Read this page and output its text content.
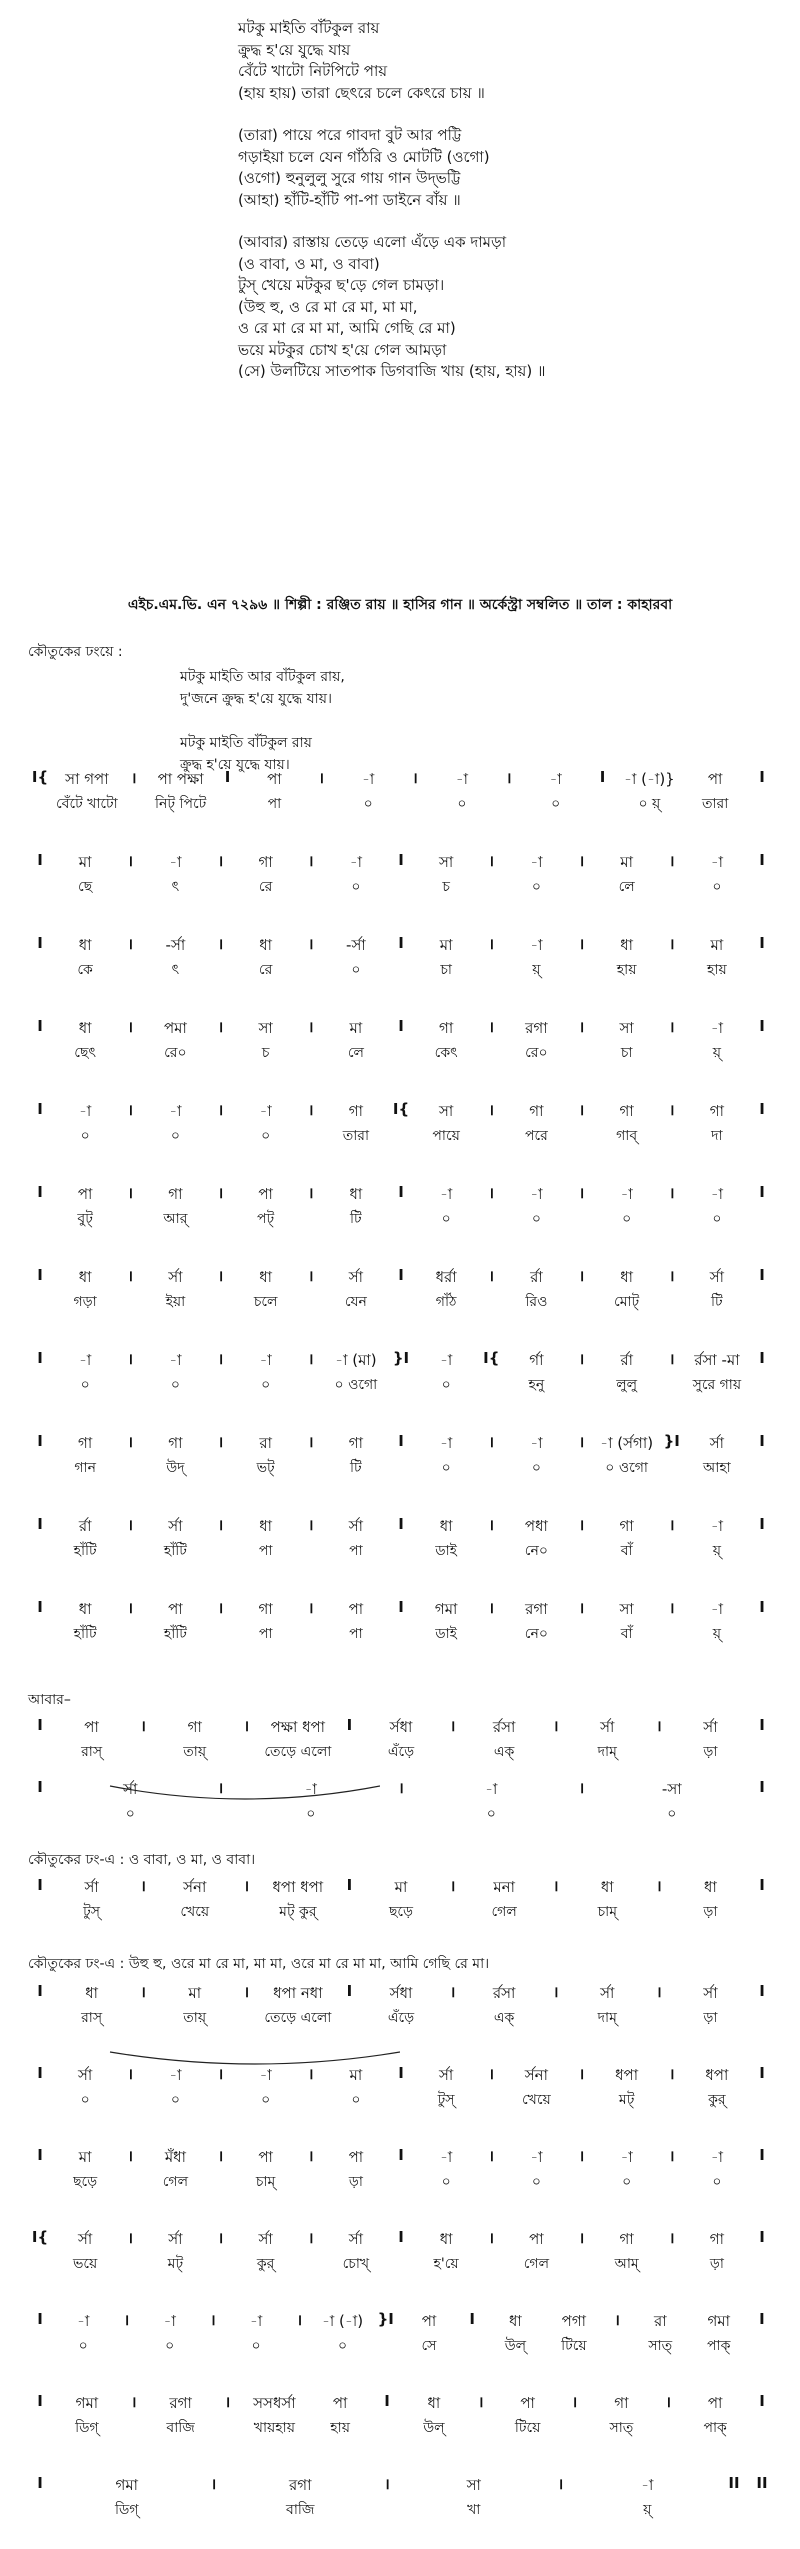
মটকু মাইতি বাঁটকুল রায়
ক্রুদ্ধ হ'য়ে যুদ্ধে যায়
বেঁটে খাটো নিটপিটে পায়
(হায় হায়) তারা ছেৎরে চলে কেৎরে চায় ॥
(তারা) পায়ে পরে গাবদা বুট আর পট্টি
গড়াইয়া চলে যেন গাঁঠরি ও মোটটি (ওগো)
(ওগো) হুনুলুলু সুরে গায় গান উদ্‌ভট্টি
(আহা) হাঁটি-হাঁটি পা-পা ডাইনে বাঁয় ॥
(আবার) রাস্তায় তেড়ে এলো এঁড়ে এক দামড়া
(ও বাবা, ও মা, ও বাবা)
টুস্‌ খেয়ে মটকুর ছ'ড়ে গেল চামড়া।
(উহু হু, ও রে মা রে মা, মা মা,
ও রে মা রে মা মা, আমি গেছি রে মা)
ভয়ে মটকুর চোখ হ'য়ে গেল আমড়া
(সে) উলটিয়ে সাতপাক ডিগবাজি খায় (হায়, হায়) ॥
এইচ.এম.ভি. এন ৭২৯৬ ॥ শিল্পী : রঞ্জিত রায় ॥ হাসির গান ॥ অর্কেস্ট্রা সম্বলিত ॥ তাল : কাহারবা
কৌতুকের ঢংয়ে :
মটকু মাইতি আর বাঁটকুল রায়,
দু'জনে ক্রুদ্ধ হ'য়ে যুদ্ধে যায়।
মটকু মাইতি বাঁটকুল রায়
ক্রুদ্ধ হ'য়ে যুদ্ধে যায়।
I{	সা গপা	।	পা পক্ষা	I	পা	।	-া	।	-া	।	-া	I	-া (-া)}	পা	I
বেঁটে খাটো	নিট্ পিটে	পা	০	০	০	০ য়্	তারা
I	মা	।	-া	।	গা	।	-া	I	সা	।	-া	।	মা	।	-া	I
ছে	ৎ	রে	০	চ	০	লে	০
I	ধা	।	-র্সা	।	ধা	।	-র্সা	I	মা	।	-া	।	ধা	।	মা	I
কে	ৎ	রে	০	চা	য়্	হায়	হায়
I	ধা	।	পমা	।	সা	।	মা	I	গা	।	রগা	।	সা	।	-া	I
ছেৎ	রে০	চ	লে	কেৎ	রে০	চা	য়্
I	-া	।	-া	।	-া	।	গা	I{	সা	।	গা	।	গা	।	গা	I
০	০	০	তারা	পায়ে	পরে	গাব্	দা
I	পা	।	গা	।	পা	।	ধা	I	-া	।	-া	।	-া	।	-া	I
বুট্	আর্	পট্	টি	০	০	০	০
I	ধা	।	র্সা	।	ধা	।	র্সা	I	ধর্রা	।	র্রা	।	ধা	।	র্সা	I
গড়া	ইয়া	চলে	যেন	গাঁঠ	রিও	মোট্	টি
I	-া	।	-া	।	-া	।	-া (মা)	}I	-া	I{	র্গা	।	র্রা	।	র্রসা -মা	I
০	০	০	০ ওগো	০	হনু	লুলু	সুরে গায়
I	গা	।	গা	।	রা	।	গা	I	-া	।	-া	।	-া (র্সগা) }I	র্সা	I
গান	উদ্	ভট্	টি	০	০	০ ওগো	আহা
I	র্রা	।	র্সা	।	ধা	।	র্সা	I	ধা	।	পধা	।	গা	।	-া	I
হাঁটি	হাঁটি	পা	পা	ডাই	নে০	বাঁ	য়্
I	ধা	।	পা	।	গা	।	পা	I	গমা	।	রগা	।	সা	।	-া	I
হাঁটি	হাঁটি	পা	পা	ডাই	নে০	বাঁ	য়্
আবার–
I	পা	।	গা	।	পক্ষা ধপা	I	র্সধা	।	র্রসা	।	র্সা	।	র্সা	I
রাস্	তায়্	তেড়ে এলো	এঁড়ে	এক্	দাম্	ড়া
I	র্সা	।	-া	।	-া	।	-সা	I
০	০	০	০
কৌতুকের ঢং-এ : ও বাবা, ও মা, ও বাবা।
I	র্সা	।	র্সনা	।	ধপা ধপা	I	মা	।	মনা	।	ধা	।	ধা	I
টুস্	খেয়ে	মট্ কুর্	ছড়ে	গেল	চাম্	ড়া
কৌতুকের ঢং-এ : উহু হু, ওরে মা রে মা, মা মা, ওরে মা রে মা মা, আমি গেছি রে মা।
I	ধা	।	মা	।	ধপা নধা	I	র্সধা	।	র্রসা	।	র্সা	।	র্সা	I
রাস্	তায়্	তেড়ে এলো	এঁড়ে	এক্	দাম্	ড়া
I	র্সা	।	-া	।	-া	।	মা	I	র্সা	।	র্সনা	।	ধপা	।	ধপা	I
০	০	০	০	টুস্	খেয়ে	মট্	কুর্
I	মা	।	মঁধা	।	পা	।	পা	I	-া	।	-া	।	-া	।	-া	I
ছড়ে	গেল	চাম্	ড়া	০	০	০	০
I{	র্সা	।	র্সা	।	র্সা	।	র্সা	I	ধা	।	পা	।	গা	।	গা	I
ভয়ে	মট্	কুর্	চোখ্	হ'য়ে	গেল	আম্	ড়া
I	-া	।	-া	।	-া	।	-া (-া) }I	পা	I	ধা	পগা	।	রা	গমা	I
০	০	০	০	সে	উল্	টিয়ে	সাত্	পাক্
I	গমা	।	রগা	।	সসধর্সা	পা	I	ধা	।	পা	।	গা	।	পা	I
ডিগ্	বাজি	খায়হায়	হায়	উল্	টিয়ে	সাত্	পাক্
I	গমা	।	রগা	।	সা	।	-া	II	II
ডিগ্	বাজি	খা	য়্
